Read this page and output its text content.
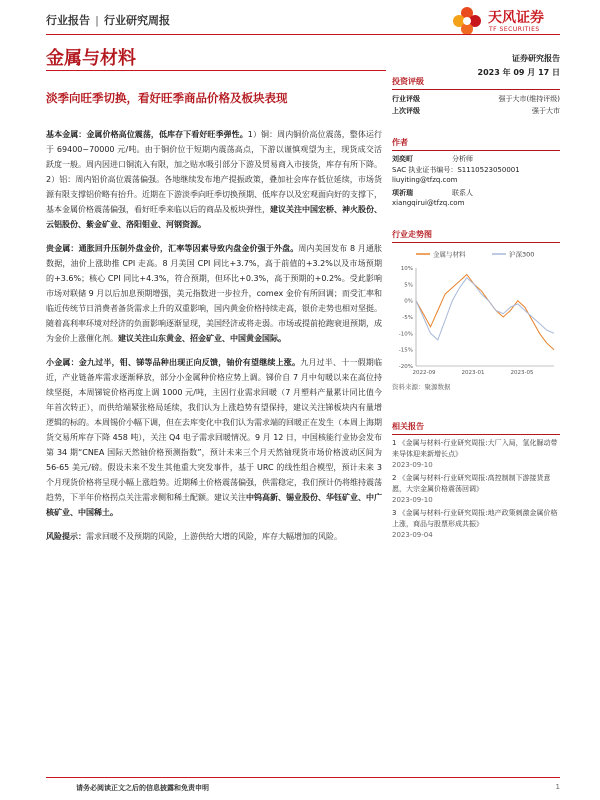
行业报告 | 行业研究周报	天风证券
TF SECURITIES
金属与材料	证券研究报告
2023 年 09 月 17 日
淡季向旺季切换，看好旺季商品价格及板块表现

基本金属：金属价格高位震荡，低库存下看好旺季弹性。1）铜：周内铜价高位震荡，整体运行于 69400~70000 元/吨。由于铜价位于短期内震荡高点，下游以谨慎观望为主，现货成交活跃度一般。周内因进口铜流入有限，加之贴水吸引部分下游及贸易商入市接货，库存有所下降。2）铝：周内铝价高位震荡偏强。各地继续发布地产提振政策，叠加社会库存低位延续，市场货源有限支撑铝价略有抬升。近期在下游淡季向旺季切换预期、低库存以及宏观面向好的支撑下，基本金属价格震荡偏强，看好旺季来临以后的商品及板块弹性，建议关注中国宏桥、神火股份、云铝股份、紫金矿业、洛阳钼业、河钢资源。

贵金属：通胀回升压制外盘金价，汇率等因素导致内盘金价强于外盘。周内美国发布 8 月通胀数据，油价上涨助推 CPI 走高。8 月美国 CPI 同比+3.7%，高于前值的+3.2%以及市场预期的+3.6%；核心 CPI 同比+4.3%，符合预期，但环比+0.3%，高于预期的+0.2%。受此影响市场对联储 9 月以后加息预期增强，美元指数进一步拉升，comex 金价有所回调；而受汇率和临近传统节日消费者备货需求上升的双重影响，国内黄金价格持续走高，银价走势也相对坚挺。随着高利率环境对经济的负面影响逐渐显现，美国经济或将走弱。市场或提前抢跑衰退预期，成为金价上涨催化剂。建议关注山东黄金、招金矿业、中国黄金国际。

小金属：金九过半，钼、锑等品种出现正向反馈，铀价有望继续上涨。九月过半、十一假期临近，产业链备库需求逐渐释放，部分小金属种价格应势上调。锑价自 7 月中旬暖以来在高位持续坚挺，本周锑锭价格再度上调 1000 元/吨，主因行业需求回暖（7 月塑料产量累计同比值今年首次转正），而供给端紧张格局延续，我们认为上涨趋势有望保持，建议关注锑板块内有量增逻辑的标的。本周锡价小幅下调，但在去库变化中我们认为需求端的回暖正在发生（本周上海期货交易所库存下降 458 吨），关注 Q4 电子需求回暖情况。9 月 12 日，中国核能行业协会发布第 34 期“CNEA 国际天然铀价格预测指数”，预计未来三个月天然铀现货市场价格波动区间为 56-65 美元/磅。假设未来不发生其他重大突发事件，基于 URC 的线性组合模型，预计未来 3 个月现货价格将呈现小幅上涨趋势。近期稀土价格震荡偏强，供需稳定，我们预计仍将维持震荡趋势，下半年价格拐点关注需求侧和稀土配额。建议关注中钨高新、锡业股份、华钰矿业、中广核矿业、中国稀土。

风险提示：需求回暖不及预期的风险，上游供给大增的风险，库存大幅增加的风险。

投资评级
行业评级	强于大市(维持评级)
上次评级	强于大市
作者
刘奕町	分析师
SAC 执业证书编号：S1110523050001
liuyiting@tfzq.com
项祈瑞	联系人
xiangqirui@tfzq.com
行业走势图
金属与材料	沪深300
10%
5%
0%
-5%
-10%
-15%
-20%
2022-09	2023-01	2023-05
资料来源：聚源数据
相关报告
1 《金属与材料-行业研究周报:大厂入局，氢化脲动带来导体迎来新增长点》
2023-09-10
2 《金属与材料-行业研究周报:高控制制下游接货意愿，大宗金属价格震荡回调》
2023-09-10
3 《金属与材料-行业研究周报:地产政策刺激金属价格上涨，商品与股票形成共振》
2023-09-04
请务必阅读正文之后的信息披露和免责申明	1
